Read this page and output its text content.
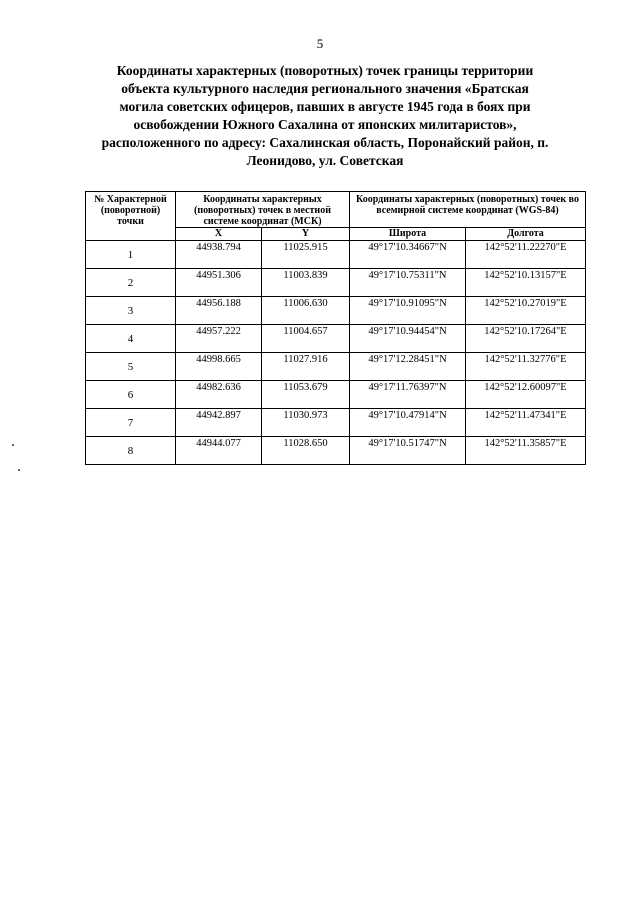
5
Координаты характерных (поворотных) точек границы территории
объекта культурного наследия регионального значения «Братская
могила советских офицеров, павших в августе 1945 года в боях при
освобождении Южного Сахалина от японских милитаристов»,
расположенного по адресу: Сахалинская область, Поронайский район, п.
Леонидово, ул. Советская
№ Характерной (поворотной) точки	Координаты характерных (поворотных) точек в местной системе координат (МСК)		Координаты характерных (поворотных) точек во всемирной системе координат (WGS-84)	
	X	Y	Широта	Долгота
1	44938.794	11025.915	49°17'10.34667"N	142°52'11.22270"E
2	44951.306	11003.839	49°17'10.75311"N	142°52'10.13157"E
3	44956.188	11006.630	49°17'10.91095"N	142°52'10.27019"E
4	44957.222	11004.657	49°17'10.94454"N	142°52'10.17264"E
5	44998.665	11027.916	49°17'12.28451"N	142°52'11.32776"E
6	44982.636	11053.679	49°17'11.76397"N	142°52'12.60097"E
7	44942.897	11030.973	49°17'10.47914"N	142°52'11.47341"E
8	44944.077	11028.650	49°17'10.51747"N	142°52'11.35857"E
